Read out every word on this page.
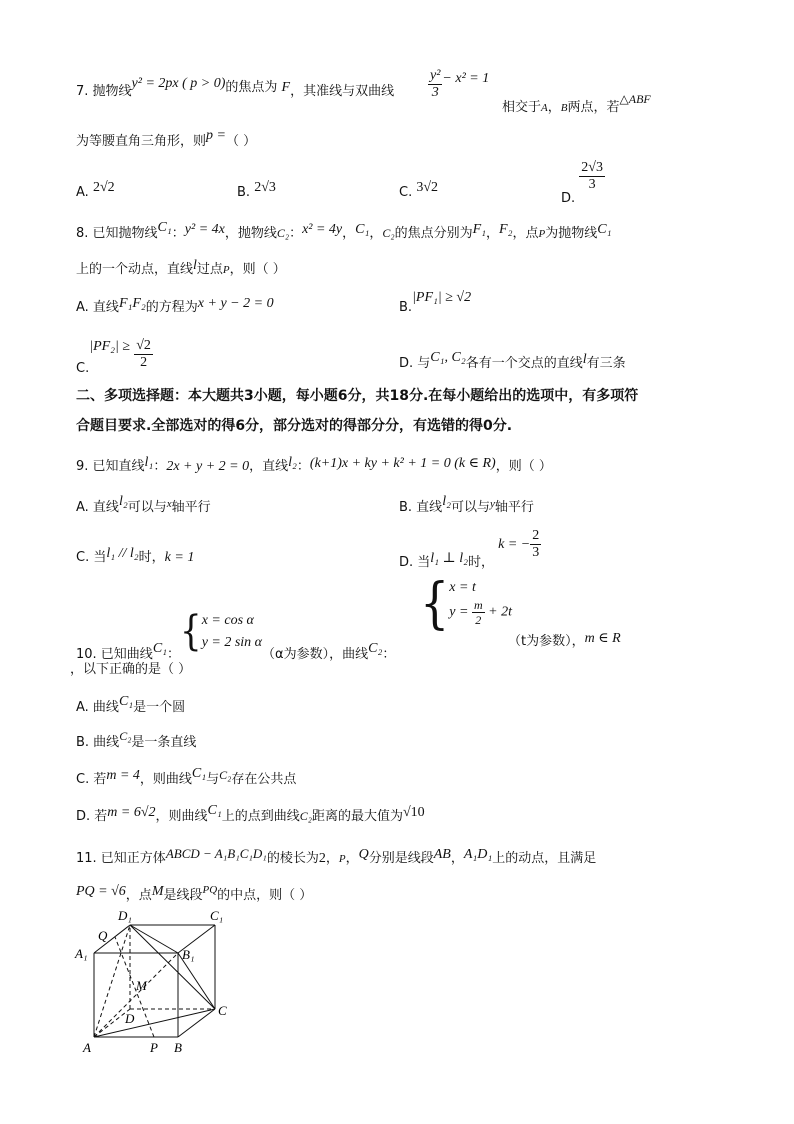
7. 抛物线y² = 2px ( p > 0)的焦点为 F，其准线与双曲线 $\frac{\text{y²}}{3} - x^2 = 1$
相交于A，B两点，若△ABF
为等腰直角三角形，则p =（ ）
A. 2√2	B. 2√3	C. 3√2
D.
$\frac{2√3}{3}$
8. 已知抛物线C₁：y² = 4x，抛物线C₂：x² = 4y，C₁，C₂的焦点分别为F₁，F₂，点P为抛物线C₁
上的一个动点，直线l过点P，则（ ）
A. 直线F₁F₂的方程为x + y − 2 = 0	B.|PF₁| ≥ √2
$C.|PF_2| \ge \frac{√2}{2}$	D. 与C₁, C₂各有一个交点的直线l有三条
二、多项选择题：本大题共3小题，每小题6分，共18分.在每小题给出的选项中，有多项符
合题目要求.全部选对的得6分，部分选对的得部分分，有选错的得0分.
9. 已知直线l₁：2x + y + 2 = 0，直线l₂：(k+1)x + ky + k² + 1 = 0 (k ∈ R)，则（ ）
A. 直线l₂可以与$^x$轴平行	B. 直线l₂可以与$^y$轴平行
C. 当l₁ // l₂时，k = 1	D. 当l₁ ⊥ l₂时， k = − $\frac{2}{3}$
10. 已知曲线C₁：{ x = cos α
y = 2 sin α
（α为参数），曲线C₂：
{ x = t
$y = \frac{m}{2} + 2t$
（t为参数），m ∈ R
，以下正确的是（ ）
A. 曲线C₁是一个圆
B. 曲线C₂是一条直线
C. 若m = 4，则曲线C₁与C₂存在公共点
D. 若m = 6√2，则曲线C₁上的点到曲线C₂距离的最大值为√10
11. 已知正方体ABCD − A₁B₁C₁D₁的棱长为2，P，Q分别是线段AB，A₁D₁上的动点，且满足
PQ = √6，点M是线段$^{PQ}$的中点，则（ ）
D₁	C₁
Q
A₁	B₁
M
D
C
A	P B
